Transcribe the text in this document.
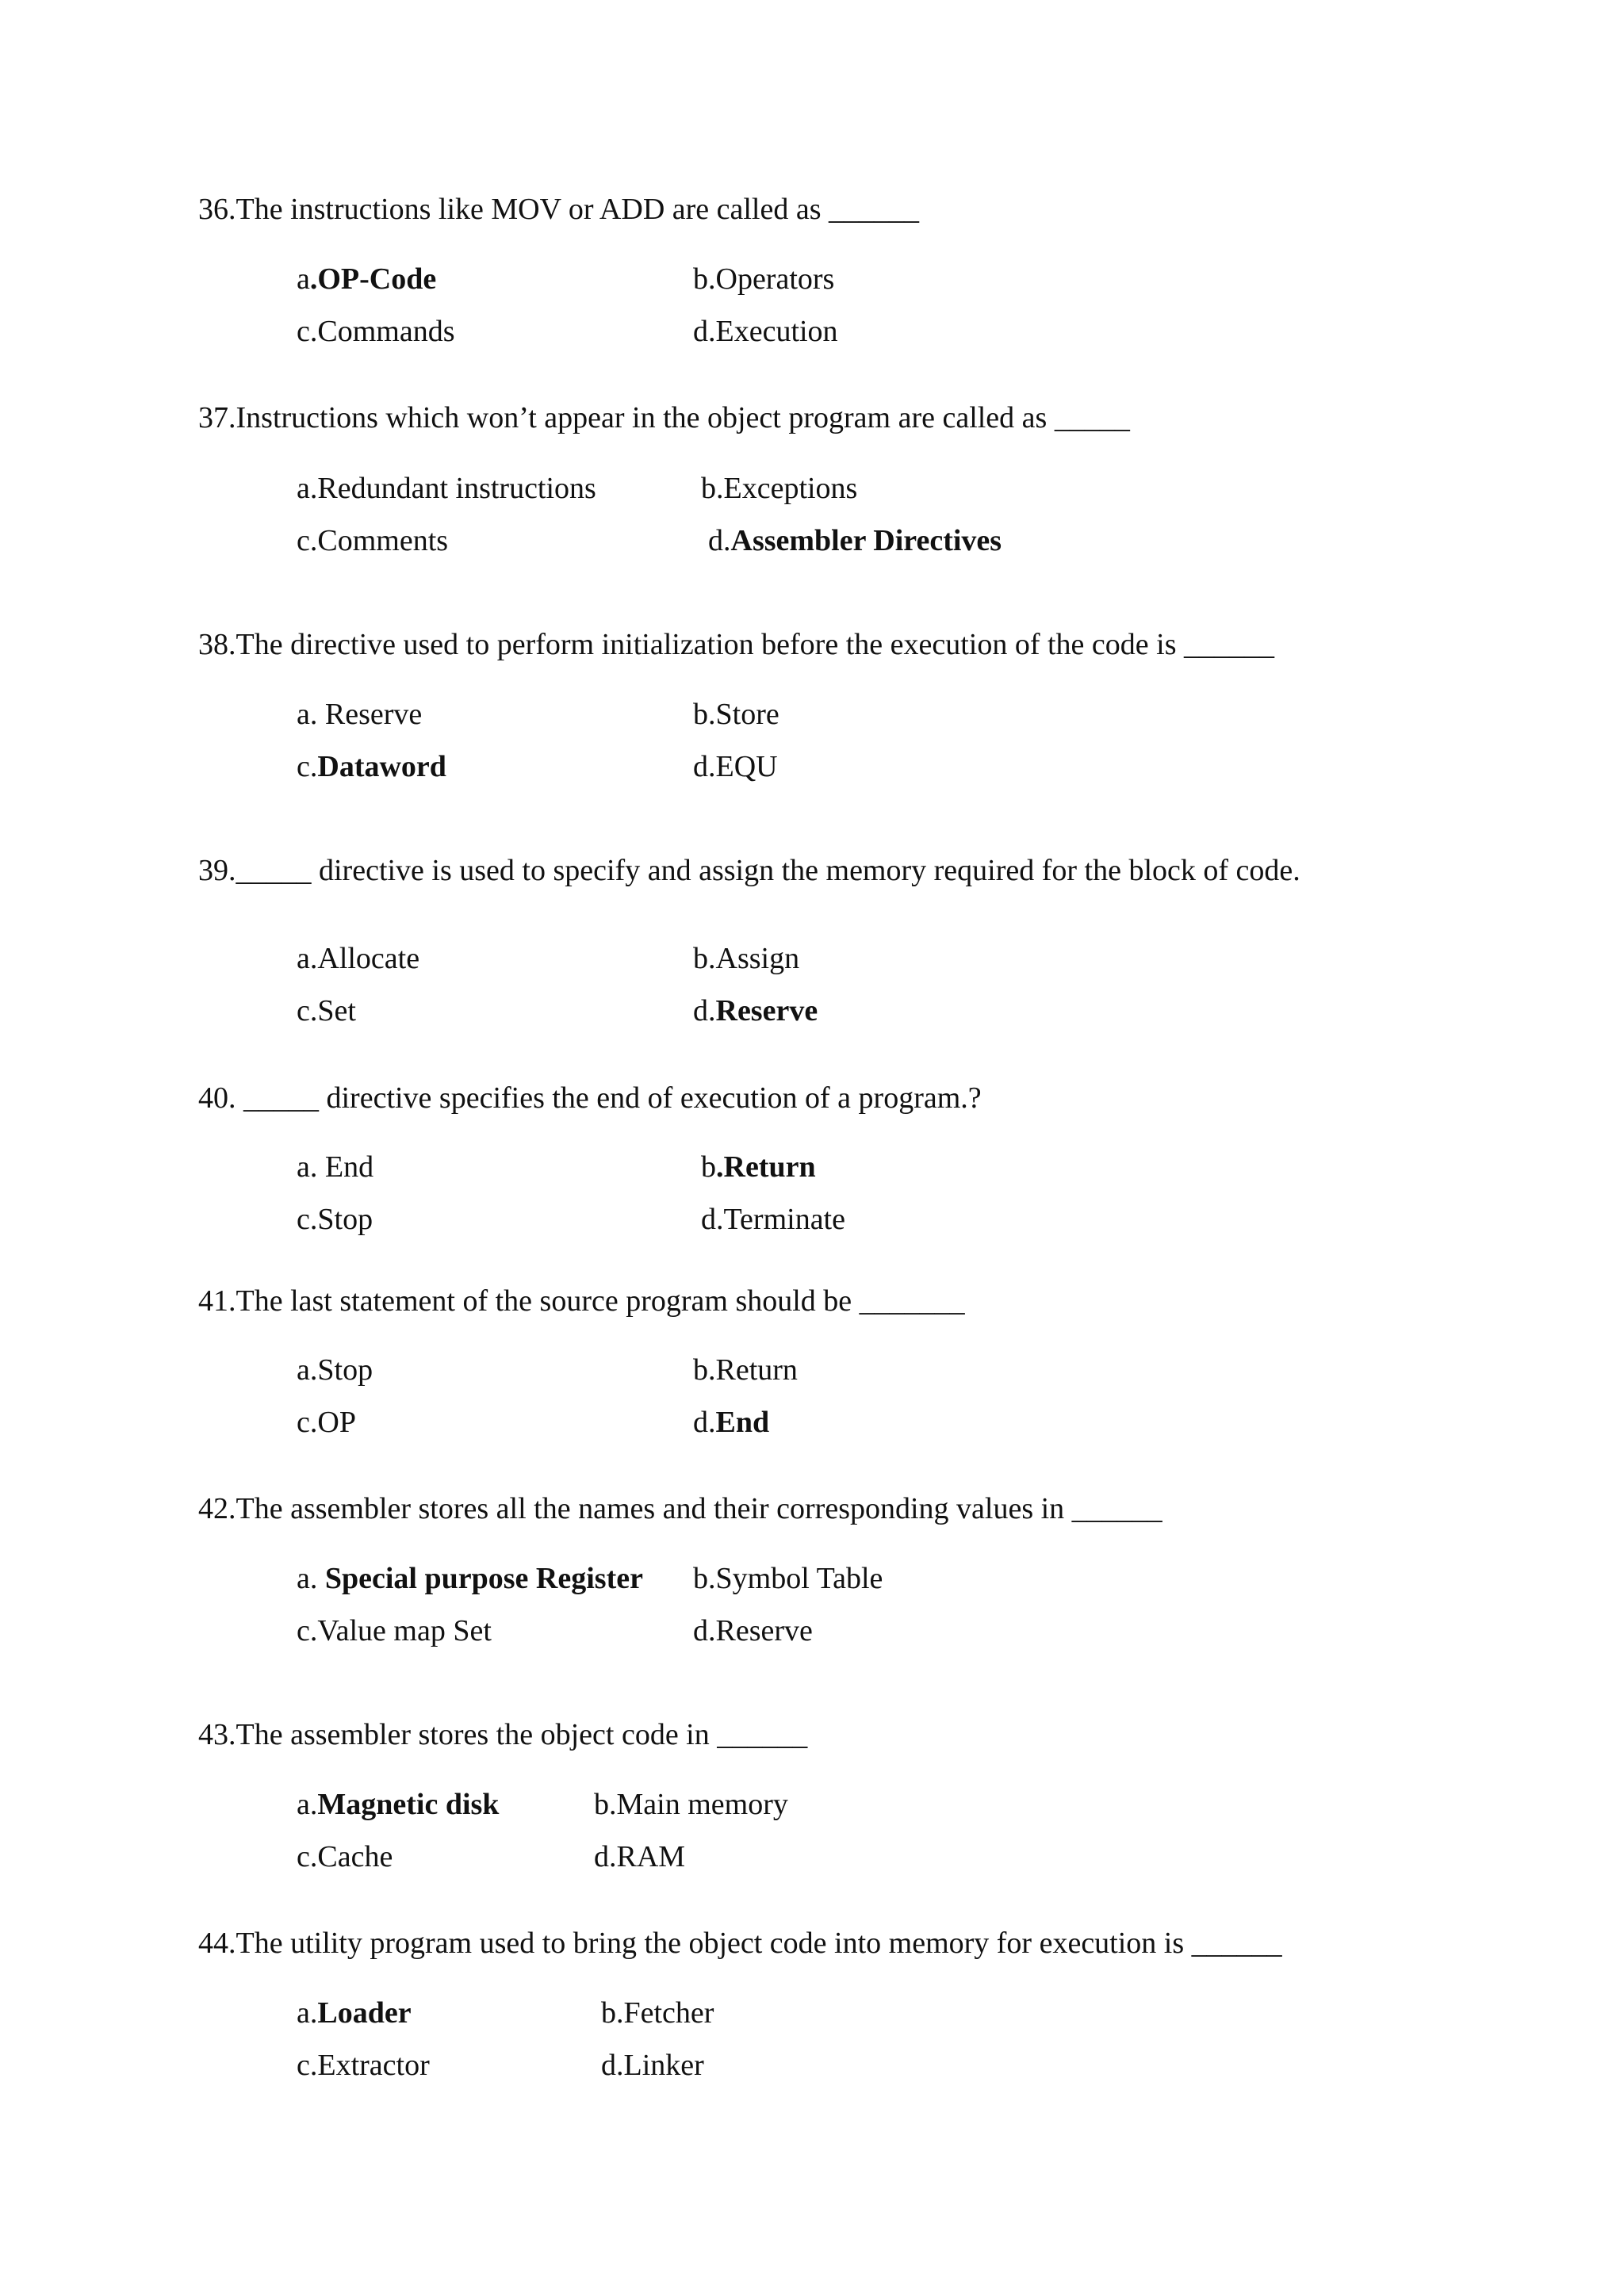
36.The instructions like MOV or ADD are called as ______
a.OP-Code	b.Operators
c.Commands	d.Execution
37.Instructions which won’t appear in the object program are called as _____
a.Redundant instructions	b.Exceptions
c.Comments	d.Assembler Directives
38.The directive used to perform initialization before the execution of the code is ______
a. Reserve	b.Store
c.Dataword	d.EQU
39._____ directive is used to specify and assign the memory required for the block of code.
a.Allocate	b.Assign
c.Set	d.Reserve
40. _____ directive specifies the end of execution of a program.?
a. End	b.Return
c.Stop	d.Terminate
41.The last statement of the source program should be _______
a.Stop	b.Return
c.OP	d.End
42.The assembler stores all the names and their corresponding values in ______
a. Special purpose Register b.Symbol Table
c.Value map Set	d.Reserve
43.The assembler stores the object code in ______
a.Magnetic disk	b.Main memory
c.Cache	d.RAM
44.The utility program used to bring the object code into memory for execution is ______
a.Loader	b.Fetcher
c.Extractor	d.Linker
